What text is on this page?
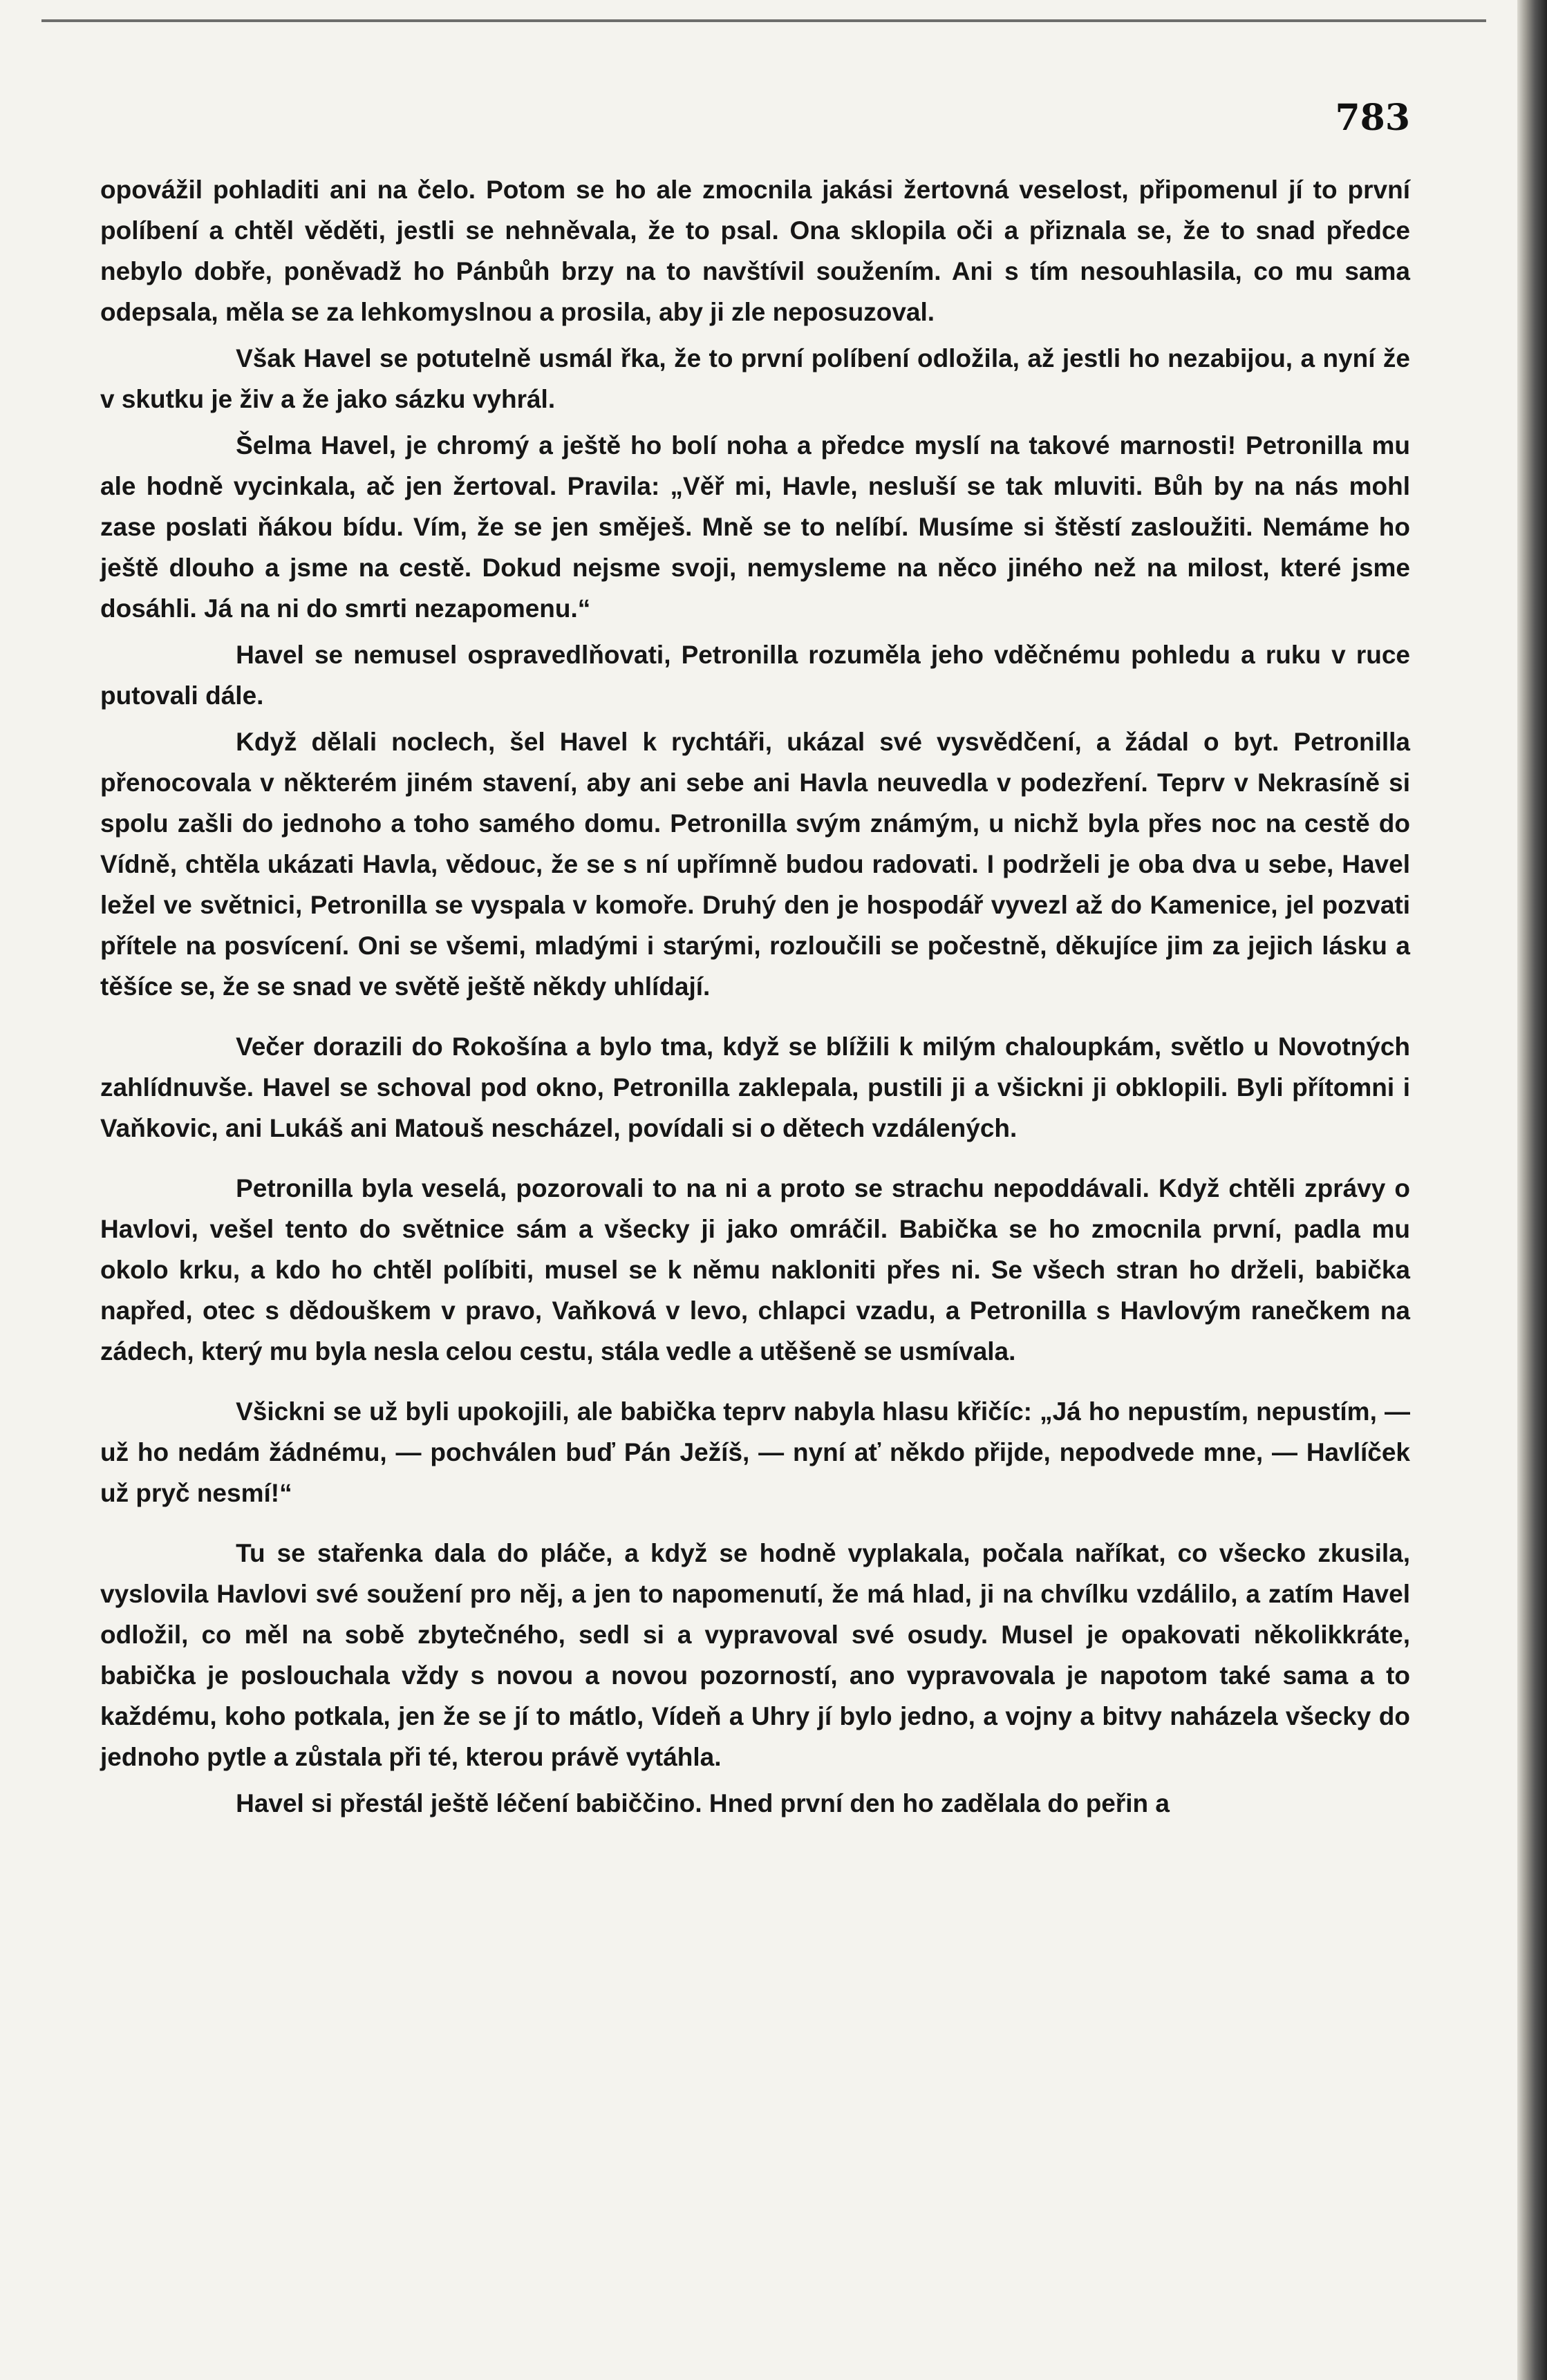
783

opovážil pohladiti ani na čelo. Potom se ho ale zmocnila jakási žertovná veselost, připomenul jí to první políbení a chtěl věděti, jestli se nehněvala, že to psal. Ona sklopila oči a přiznala se, že to snad předce nebylo dobře, poněvadž ho Pánbůh brzy na to navštívil soužením. Ani s tím nesouhlasila, co mu sama odepsala, měla se za lehkomyslnou a prosila, aby ji zle neposuzoval.

Však Havel se potutelně usmál řka, že to první políbení odložila, až jestli ho nezabijou, a nyní že v skutku je živ a že jako sázku vyhrál.

Šelma Havel, je chromý a ještě ho bolí noha a předce myslí na takové marnosti! Petronilla mu ale hodně vycinkala, ač jen žertoval. Pravila: „Věř mi, Havle, nesluší se tak mluviti. Bůh by na nás mohl zase poslati ňákou bídu. Vím, že se jen směješ. Mně se to nelíbí. Musíme si štěstí zasloužiti. Nemáme ho ještě dlouho a jsme na cestě. Dokud nejsme svoji, nemysleme na něco jiného než na milost, které jsme dosáhli. Já na ni do smrti nezapomenu.“

Havel se nemusel ospravedlňovati, Petronilla rozuměla jeho vděčnému pohledu a ruku v ruce putovali dále.

Když dělali noclech, šel Havel k rychtáři, ukázal své vysvědčení, a žádal o byt. Petronilla přenocovala v některém jiném stavení, aby ani sebe ani Havla neuvedla v podezření. Teprv v Nekrasíně si spolu zašli do jednoho a toho samého domu. Petronilla svým známým, u nichž byla přes noc na cestě do Vídně, chtěla ukázati Havla, vědouc, že se s ní upřímně budou radovati. I podrželi je oba dva u sebe, Havel ležel ve světnici, Petronilla se vyspala v komoře. Druhý den je hospodář vyvezl až do Kamenice, jel pozvati přítele na posvícení. Oni se všemi, mladými i starými, rozloučili se počestně, děkujíce jim za jejich lásku a těšíce se, že se snad ve světě ještě někdy uhlídají.

Večer dorazili do Rokošína a bylo tma, když se blížili k milým chaloupkám, světlo u Novotných zahlídnuvše. Havel se schoval pod okno, Petronilla zaklepala, pustili ji a všickni ji obklopili. Byli přítomni i Vaňkovic, ani Lukáš ani Matouš nescházel, povídali si o dětech vzdálených.

Petronilla byla veselá, pozorovali to na ni a proto se strachu nepoddávali. Když chtěli zprávy o Havlovi, vešel tento do světnice sám a všecky ji jako omráčil. Babička se ho zmocnila první, padla mu okolo krku, a kdo ho chtěl políbiti, musel se k němu nakloniti přes ni. Se všech stran ho drželi, babička napřed, otec s dědouškem v pravo, Vaňková v levo, chlapci vzadu, a Petronilla s Havlovým ranečkem na zádech, který mu byla nesla celou cestu, stála vedle a utěšeně se usmívala.

Všickni se už byli upokojili, ale babička teprv nabyla hlasu křičíc: „Já ho nepustím, nepustím, — už ho nedám žádnému, — pochválen buď Pán Ježíš, — nyní ať někdo přijde, nepodvede mne, — Havlíček už pryč nesmí!“

Tu se stařenka dala do pláče, a když se hodně vyplakala, počala naříkat, co všecko zkusila, vyslovila Havlovi své soužení pro něj, a jen to napomenutí, že má hlad, ji na chvílku vzdálilo, a zatím Havel odložil, co měl na sobě zbytečného, sedl si a vypravoval své osudy. Musel je opakovati několikkráte, babička je poslouchala vždy s novou a novou pozorností, ano vypravovala je napotom také sama a to každému, koho potkala, jen že se jí to mátlo, Vídeň a Uhry jí bylo jedno, a vojny a bitvy naházela všecky do jednoho pytle a zůstala při té, kterou právě vytáhla.

Havel si přestál ještě léčení babiččino. Hned první den ho zadělala do peřin a
